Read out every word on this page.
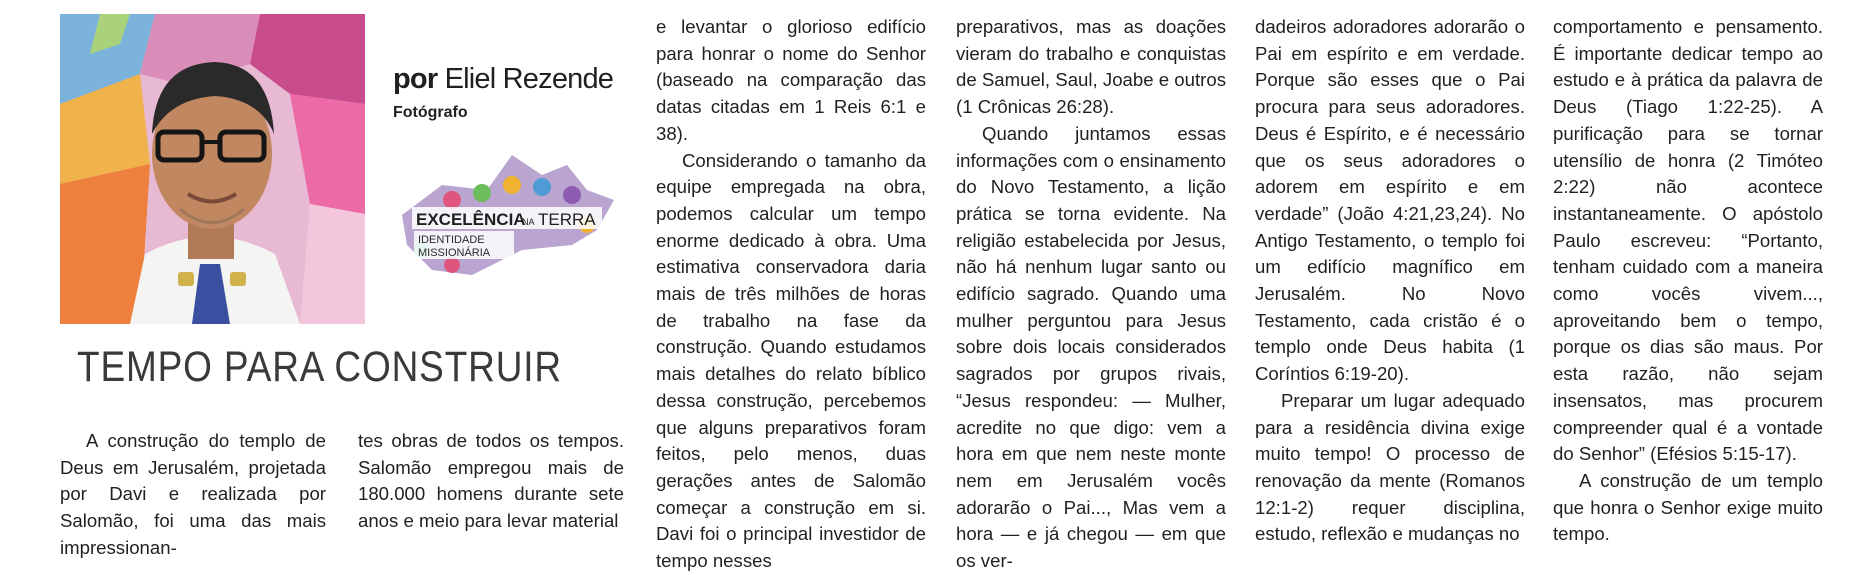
por Eliel Rezende
Fotógrafo
EXCELÊNCIA
NA TERRA
IDENTIDADE
MISSIONÁRIA
TEMPO PARA CONSTRUIR

A construção do templo de Deus em Jerusalém, projetada por Davi e realizada por Salomão, foi uma das mais impressionan-

tes obras de todos os tempos. Salomão empregou mais de 180.000 homens durante sete anos e meio para levar material

e levantar o glorioso edifício para honrar o nome do Senhor (baseado na comparação das datas citadas em 1 Reis 6:1 e 38).

Considerando o tamanho da equipe empregada na obra, podemos calcular um tempo enorme dedicado à obra. Uma estimativa conservadora daria mais de três milhões de horas de trabalho na fase da construção. Quando estudamos mais detalhes do relato bíblico dessa construção, percebemos que alguns preparativos foram feitos, pelo menos, duas gerações antes de Salomão começar a construção em si. Davi foi o principal investidor de tempo nesses

preparativos, mas as doações vieram do trabalho e conquistas de Samuel, Saul, Joabe e outros (1 Crônicas 26:28).

Quando juntamos essas informações com o ensinamento do Novo Testamento, a lição prática se torna evidente. Na religião estabelecida por Jesus, não há nenhum lugar santo ou edifício sagrado. Quando uma mulher perguntou para Jesus sobre dois locais considerados sagrados por grupos rivais, “Jesus respondeu: — Mulher, acredite no que digo: vem a hora em que nem neste monte nem em Jerusalém vocês adorarão o Pai..., Mas vem a hora — e já chegou — em que os ver-

dadeiros adoradores adorarão o Pai em espírito e em verdade. Porque são esses que o Pai procura para seus adoradores. Deus é Espírito, e é necessário que os seus adoradores o adorem em espírito e em verdade” (João 4:21,23,24). No Antigo Testamento, o templo foi um edifício magnífico em Jerusalém. No Novo Testamento, cada cristão é o templo onde Deus habita (1 Coríntios 6:19-20).

Preparar um lugar adequado para a residência divina exige muito tempo! O processo de renovação da mente (Romanos 12:1-2) requer disciplina, estudo, reflexão e mudanças no

comportamento e pensamento. É importante dedicar tempo ao estudo e à prática da palavra de Deus (Tiago 1:22-25). A purificação para se tornar utensílio de honra (2 Timóteo 2:22) não acontece instantaneamente. O apóstolo Paulo escreveu: “Portanto, tenham cuidado com a maneira como vocês vivem..., aproveitando bem o tempo, porque os dias são maus. Por esta razão, não sejam insensatos, mas procurem compreender qual é a vontade do Senhor” (Efésios 5:15-17).

A construção de um templo que honra o Senhor exige muito tempo.
